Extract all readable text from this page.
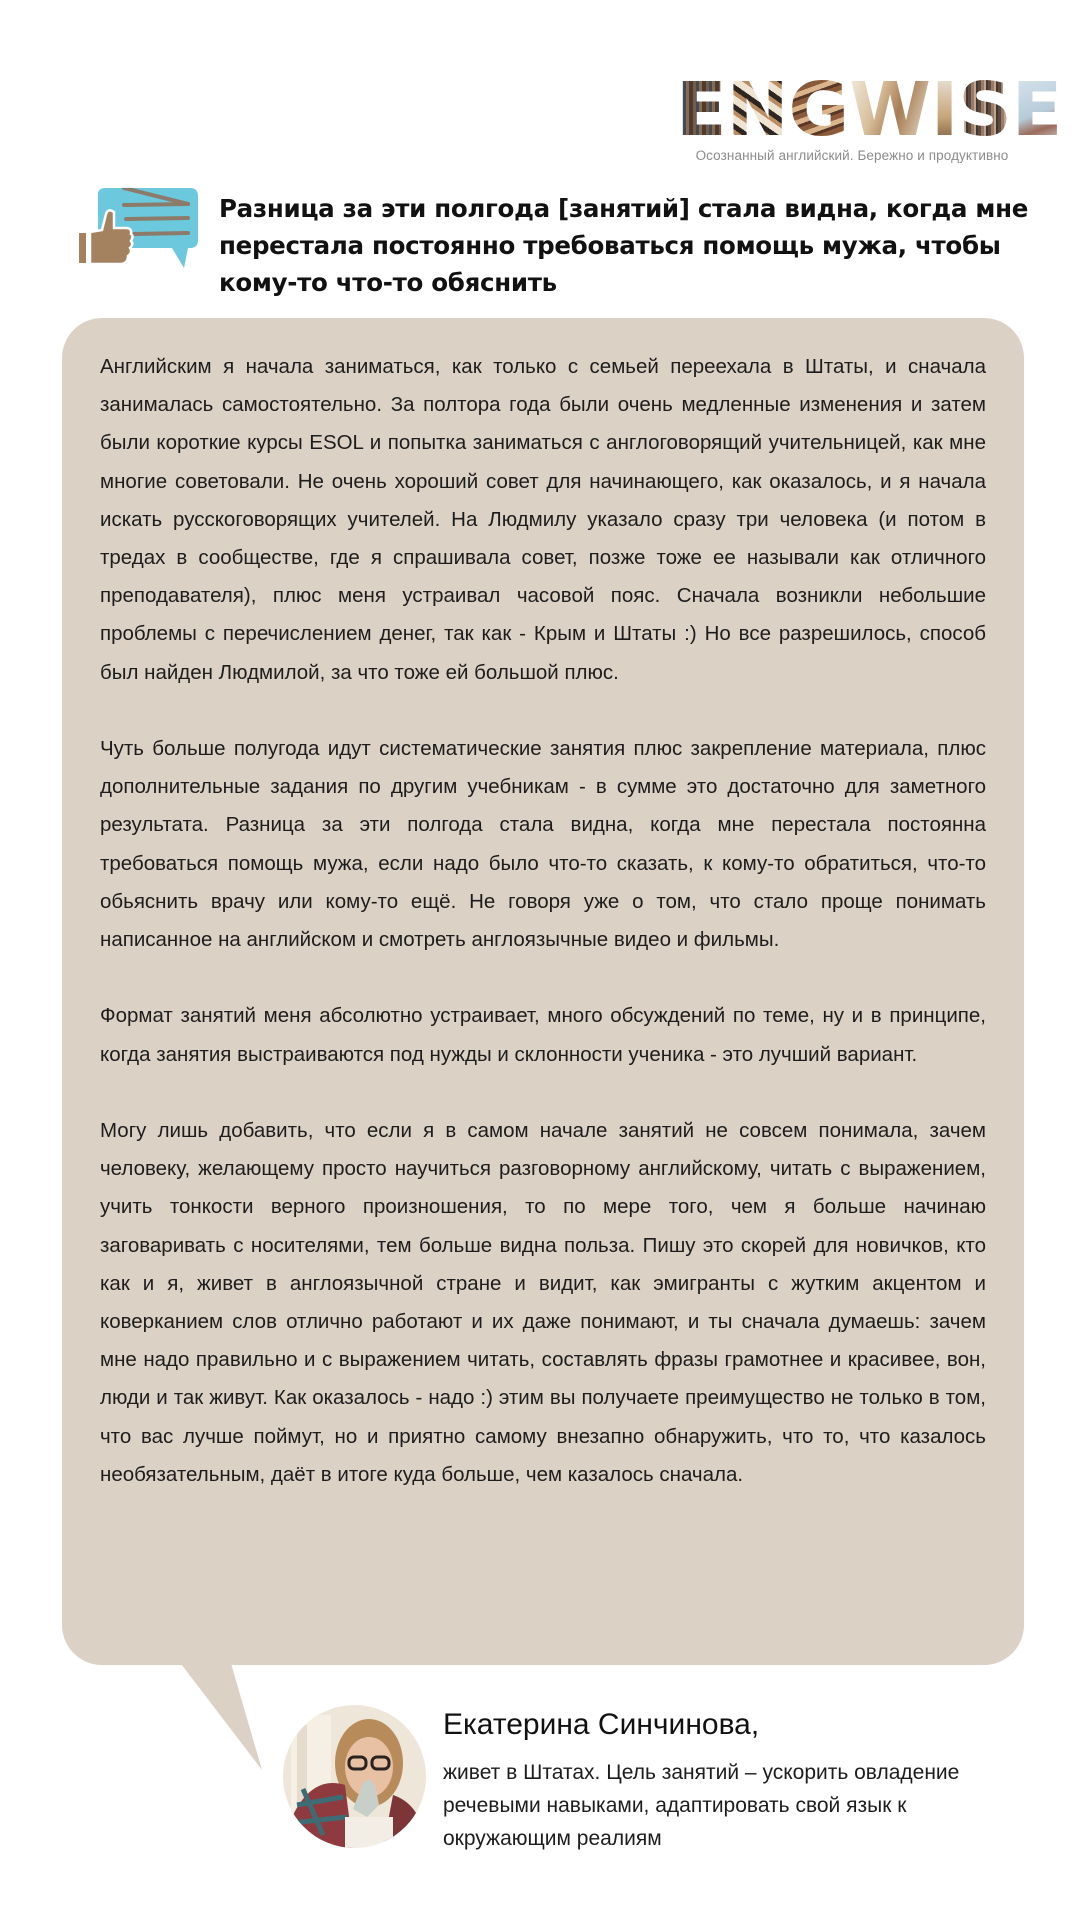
E N G W I S E
Осознанный английский. Бережно и продуктивно
Разница за эти полгода [занятий] стала видна, когда мне перестала постоянно требоваться помощь мужа, чтобы кому-то что-то обяснить

Английским я начала заниматься, как только с семьей переехала в Штаты, и сначала занималась самостоятельно. За полтора года были очень медленные изменения и затем были короткие курсы ESOL и попытка заниматься с англоговорящий учительницей, как мне многие советовали. Не очень хороший совет для начинающего, как оказалось, и я начала искать русскоговорящих учителей. На Людмилу указало сразу три человека (и потом в тредах в сообществе, где я спрашивала совет, позже тоже ее называли как отличного преподавателя), плюс меня устраивал часовой пояс. Сначала возникли небольшие проблемы с перечислением денег, так как - Крым и Штаты :) Но все разрешилось, способ был найден Людмилой, за что тоже ей большой плюс.

Чуть больше полугода идут систематические занятия плюс закрепление материала, плюс дополнительные задания по другим учебникам - в сумме это достаточно для заметного результата. Разница за эти полгода стала видна, когда мне перестала постоянна требоваться помощь мужа, если надо было что-то сказать, к кому-то обратиться, что-то обьяснить врачу или кому-то ещё. Не говоря уже о том, что стало проще понимать написанное на английском и смотреть англоязычные видео и фильмы.

Формат занятий меня абсолютно устраивает, много обсуждений по теме, ну и в принципе, когда занятия выстраиваются под нужды и склонности ученика - это лучший вариант.

Могу лишь добавить, что если я в самом начале занятий не совсем понимала, зачем человеку, желающему просто научиться разговорному английскому, читать с выражением, учить тонкости верного произношения, то по мере того, чем я больше начинаю заговаривать с носителями, тем больше видна польза. Пишу это скорей для новичков, кто как и я, живет в англоязычной стране и видит, как эмигранты с жутким акцентом и коверканием слов отлично работают и их даже понимают, и ты сначала думаешь: зачем мне надо правильно и с выражением читать, составлять фразы грамотнее и красивее, вон, люди и так живут. Как оказалось - надо :) этим вы получаете преимущество не только в том, что вас лучше поймут, но и приятно самому внезапно обнаружить, что то, что казалось необязательным, даёт в итоге куда больше, чем казалось сначала.

Екатерина Синчинова,
живет в Штатах. Цель занятий – ускорить овладение речевыми навыками, адаптировать свой язык к окружающим реалиям
